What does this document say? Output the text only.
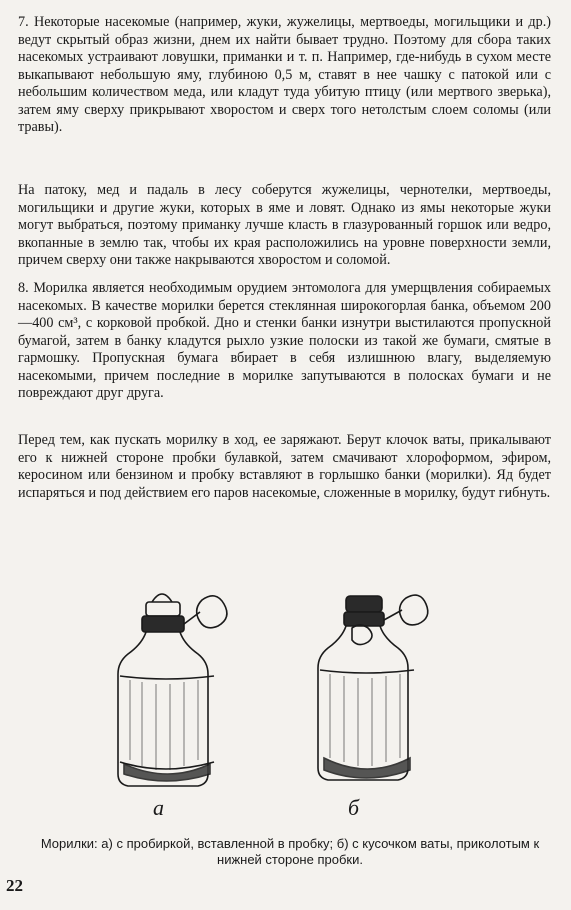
7. Некоторые насекомые (например, жуки, жужелицы, мертвоеды, могильщики и др.) ведут скрытый образ жизни, днем их найти бывает трудно. Поэтому для сбора таких насекомых устраивают ловушки, приманки и т. п. Например, где-нибудь в сухом месте выкапывают небольшую яму, глубиною 0,5 м, ставят в нее чашку с патокой или с небольшим количеством меда, или кладут туда убитую птицу (или мертвого зверька), затем яму сверху прикрывают хворостом и сверх того нетолстым слоем соломы (или травы).

На патоку, мед и падаль в лесу соберутся жужелицы, чернотелки, мертвоеды, могильщики и другие жуки, которых в яме и ловят. Однако из ямы некоторые жуки могут выбраться, поэтому приманку лучше класть в глазурованный горшок или ведро, вкопанные в землю так, чтобы их края расположились на уровне поверхности земли, причем сверху они также накрываются хворостом и соломой.

8. Морилка является необходимым орудием энтомолога для умерщвления собираемых насекомых. В качестве морилки берется стеклянная широкогорлая банка, объемом 200—400 см³, с корковой пробкой. Дно и стенки банки изнутри выстилаются пропускной бумагой, затем в банку кладутся рыхло узкие полоски из такой же бумаги, смятые в гармошку. Пропускная бумага вбирает в себя излишнюю влагу, выделяемую насекомыми, причем последние в морилке запутываются в полосках бумаги и не повреждают друг друга.

Перед тем, как пускать морилку в ход, ее заряжают. Берут клочок ваты, прикалывают его к нижней стороне пробки булавкой, затем смачивают хлороформом, эфиром, керосином или бензином и пробку вставляют в горлышко банки (морилки). Яд будет испаряться и под действием его паров насекомые, сложенные в морилку, будут гибнуть.

а	б
Морилки: а) с пробиркой, вставленной в пробку; б) с кусочком ваты, приколотым к нижней стороне пробки.
22
